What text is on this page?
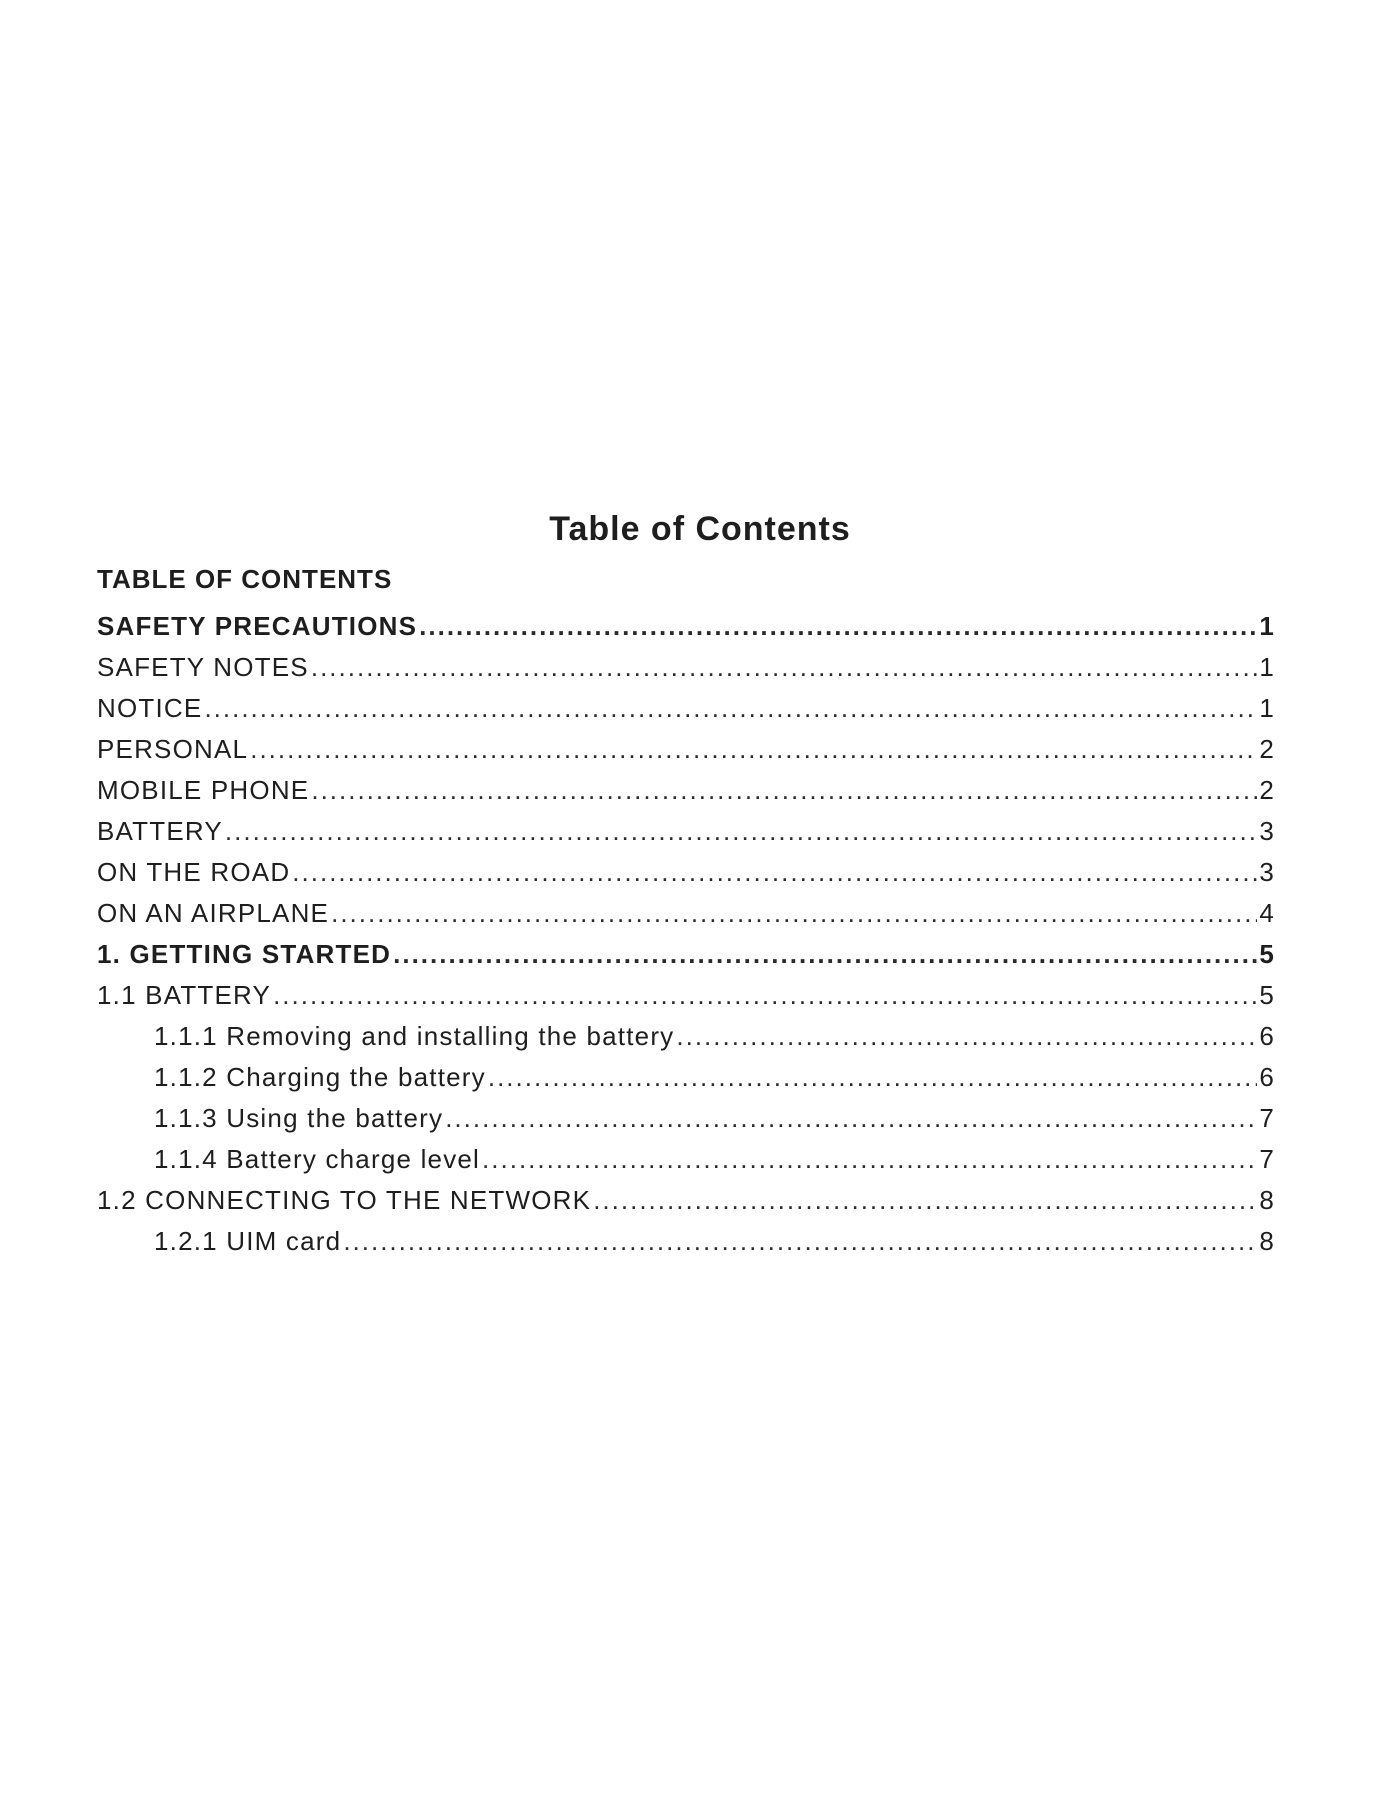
Table of Contents
TABLE OF CONTENTS
SAFETY PRECAUTIONS .....	1
SAFETY NOTES .....	1
NOTICE .....	1
PERSONAL .....	2
MOBILE PHONE .....	2
BATTERY .....	3
ON THE ROAD .....	3
ON AN AIRPLANE .....	4
1. GETTING STARTED .....	5
1.1 BATTERY .....	5
1.1.1 Removing and installing the battery .....	6
1.1.2 Charging the battery .....	6
1.1.3 Using the battery .....	7
1.1.4 Battery charge level .....	7
1.2 CONNECTING TO THE NETWORK .....	8
1.2.1 UIM card .....	8
